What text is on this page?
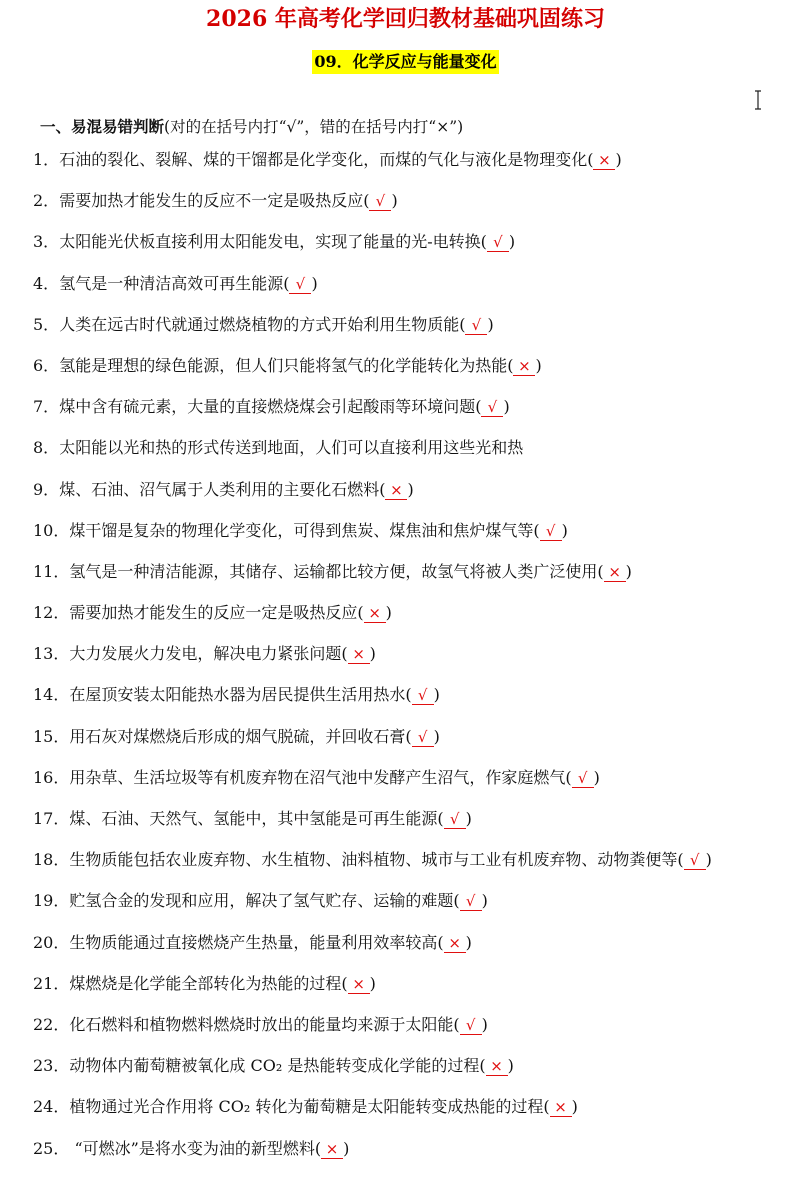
2026 年高考化学回归教材基础巩固练习
09．化学反应与能量变化
一、易混易错判断(对的在括号内打“√”，错的在括号内打“×”)
1．石油的裂化、裂解、煤的干馏都是化学变化，而煤的气化与液化是物理变化( × )
2．需要加热才能发生的反应不一定是吸热反应( √ )
3．太阳能光伏板直接利用太阳能发电，实现了能量的光-电转换( √ )
4．氢气是一种清洁高效可再生能源( √ )
5．人类在远古时代就通过燃烧植物的方式开始利用生物质能( √ )
6．氢能是理想的绿色能源，但人们只能将氢气的化学能转化为热能( × )
7．煤中含有硫元素，大量的直接燃烧煤会引起酸雨等环境问题( √ )
8．太阳能以光和热的形式传送到地面，人们可以直接利用这些光和热
9．煤、石油、沼气属于人类利用的主要化石燃料( × )
10．煤干馏是复杂的物理化学变化，可得到焦炭、煤焦油和焦炉煤气等( √ )
11．氢气是一种清洁能源，其储存、运输都比较方便，故氢气将被人类广泛使用( × )
12．需要加热才能发生的反应一定是吸热反应( × )
13．大力发展火力发电，解决电力紧张问题( × )
14．在屋顶安装太阳能热水器为居民提供生活用热水( √ )
15．用石灰对煤燃烧后形成的烟气脱硫，并回收石膏( √ )
16．用杂草、生活垃圾等有机废弃物在沼气池中发酵产生沼气，作家庭燃气( √ )
17．煤、石油、天然气、氢能中，其中氢能是可再生能源( √ )
18．生物质能包括农业废弃物、水生植物、油料植物、城市与工业有机废弃物、动物粪便等( √ )
19．贮氢合金的发现和应用，解决了氢气贮存、运输的难题( √ )
20．生物质能通过直接燃烧产生热量，能量利用效率较高( × )
21．煤燃烧是化学能全部转化为热能的过程( × )
22．化石燃料和植物燃料燃烧时放出的能量均来源于太阳能( √ )
23．动物体内葡萄糖被氧化成 CO₂ 是热能转变成化学能的过程( × )
24．植物通过光合作用将 CO₂ 转化为葡萄糖是太阳能转变成热能的过程( × )
25． “可燃冰”是将水变为油的新型燃料( × )
